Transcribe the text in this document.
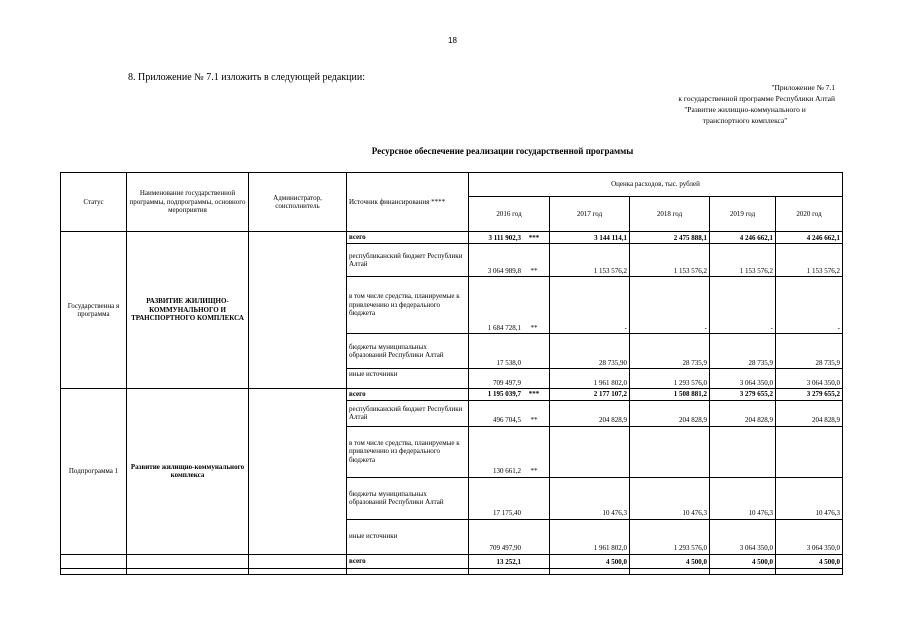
18
8. Приложение № 7.1 изложить в следующей редакции:
"Приложение № 7.1
к государственной программе Республики Алтай
"Развитие жилищно-коммунального и
транспортного комплекса"
Ресурсное обеспечение реализации государственной программы
Статус	Наименование государственной программы, подпрограммы, основного мероприятия	Администратор, соисполнитель	Источник финансирования ****	Оценка расходов, тыс. рублей				
				2016 год	2017 год	2018 год	2019 год	2020 год
Государственна я программа	РАЗВИТИЕ ЖИЛИЩНО-КОММУНАЛЬНОГО И ТРАНСПОРТНОГО КОМПЛЕКСА		всего	3 111 902,3 ***	3 144 114,1	2 475 888,1	4 246 662,1	4 246 662,1
			республиканский бюджет Республики Алтай	3 064 989,8 **	1 153 576,2	1 153 576,2	1 153 576,2	1 153 576,2
			в том числе средства, планируемые к привлечению из федерального бюджета	1 684 728,1 **	-	-	-	-
			бюджеты муниципальных образований Республики Алтай	17 538,0	28 735,90	28 735,9	28 735,9	28 735,9
			иные источники	709 497,9	1 961 802,0	1 293 576,0	3 064 350,0	3 064 350,0
Подпрограмма 1	Развитие жилищно-коммунального комплекса		всего	1 195 039,7 ***	2 177 107,2	1 508 881,2	3 279 655,2	3 279 655,2
			республиканский бюджет Республики Алтай	496 704,5 **	204 828,9	204 828,9	204 828,9	204 828,9
			в том числе средства, планируемые к привлечению из федерального бюджета	130 661,2 **				
			бюджеты муниципальных образований Республики Алтай	17 175,40	10 476,3	10 476,3	10 476,3	10 476,3
			иные источники	709 497,90	1 961 802,0	1 293 576,0	3 064 350,0	3 064 350,0
			всего	13 252,1	4 500,0	4 500,0	4 500,0	4 500,0
